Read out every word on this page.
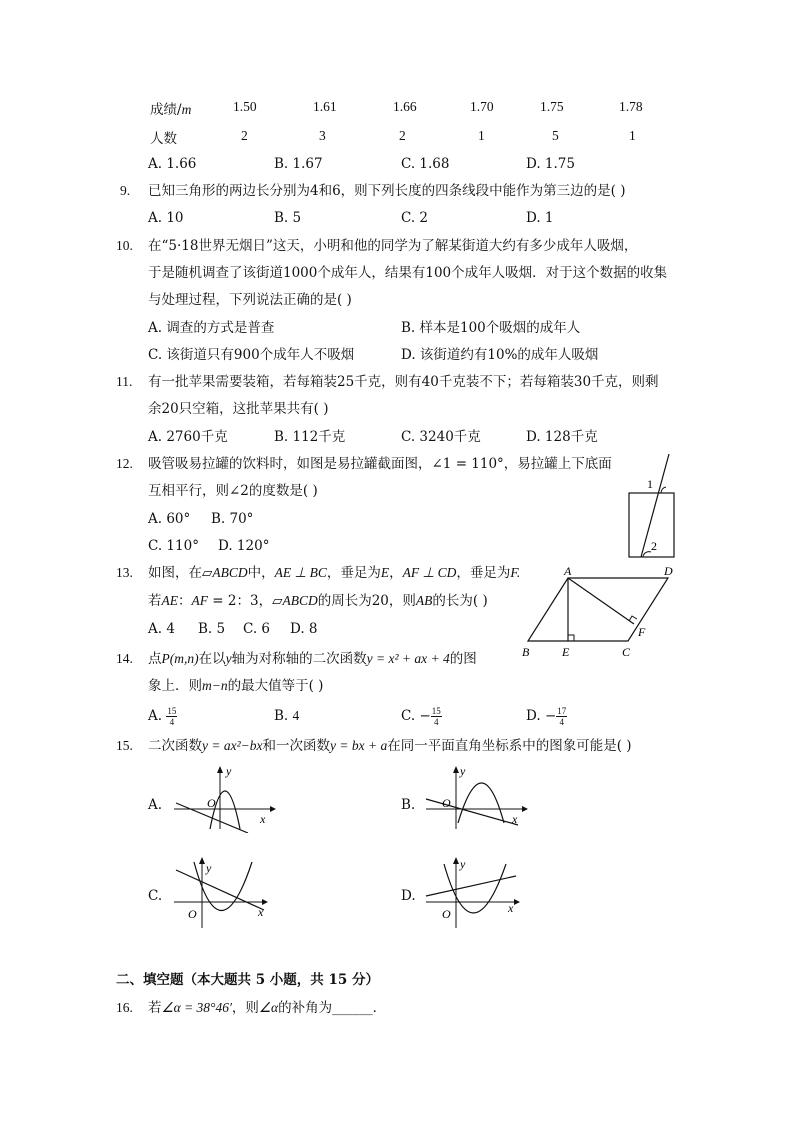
成绩/m	1.50	1.61	1.66	1.70	1.75	1.78
人数	2	3	2	1	5	1
A. 1.66	B. 1.67	C. 1.68	D. 1.75
9. 已知三角形的两边长分别为4和6，则下列长度的四条线段中能作为第三边的是( )
A. 10	B. 5	C. 2	D. 1
10. 在“5·18世界无烟日”这天，小明和他的同学为了解某街道大约有多少成年人吸烟，
于是随机调查了该街道1000个成年人，结果有100个成年人吸烟．对于这个数据的收集
与处理过程，下列说法正确的是( )
A. 调查的方式是普查	B. 样本是100个吸烟的成年人
C. 该街道只有900个成年人不吸烟	D. 该街道约有10%的成年人吸烟
11. 有一批苹果需要装箱，若每箱装25千克，则有40千克装不下；若每箱装30千克，则剩
余20只空箱，这批苹果共有( )
A. 2760千克	B. 112千克	C. 3240千克	D. 128千克
12. 吸管吸易拉罐的饮料时，如图是易拉罐截面图，∠1 = 110°，易拉罐上下底面
互相平行，则∠2的度数是( )
A. 60° B. 70°
C. 110° D. 120°
1
2
13. 如图，在▱ABCD中，AE ⊥ BC，垂足为E，AF ⊥ CD，垂足为F.
若AE：AF = 2：3，▱ABCD的周长为20，则AB的长为( )
A. 4 B. 5 C. 6 D. 8
A	D
B	E	C
F
14. 点P(m,n)在以y轴为对称轴的二次函数y = x² + ax + 4的图
象上．则m−n的最大值等于( )
A. $\frac{15}{4}$	B. 4	C. − $\frac{15}{4}$	D. − $\frac{17}{4}$
15. 二次函数y = ax²−bx和一次函数y = bx + a在同一平面直角坐标系中的图象可能是( )
A.	O
y
x
B. O
y
x
C.
O
y
x
D.
O
y
x
二、填空题（本大题共 5 小题，共 15 分）
16. 若∠α = 38°46′，则∠α的补角为______．
